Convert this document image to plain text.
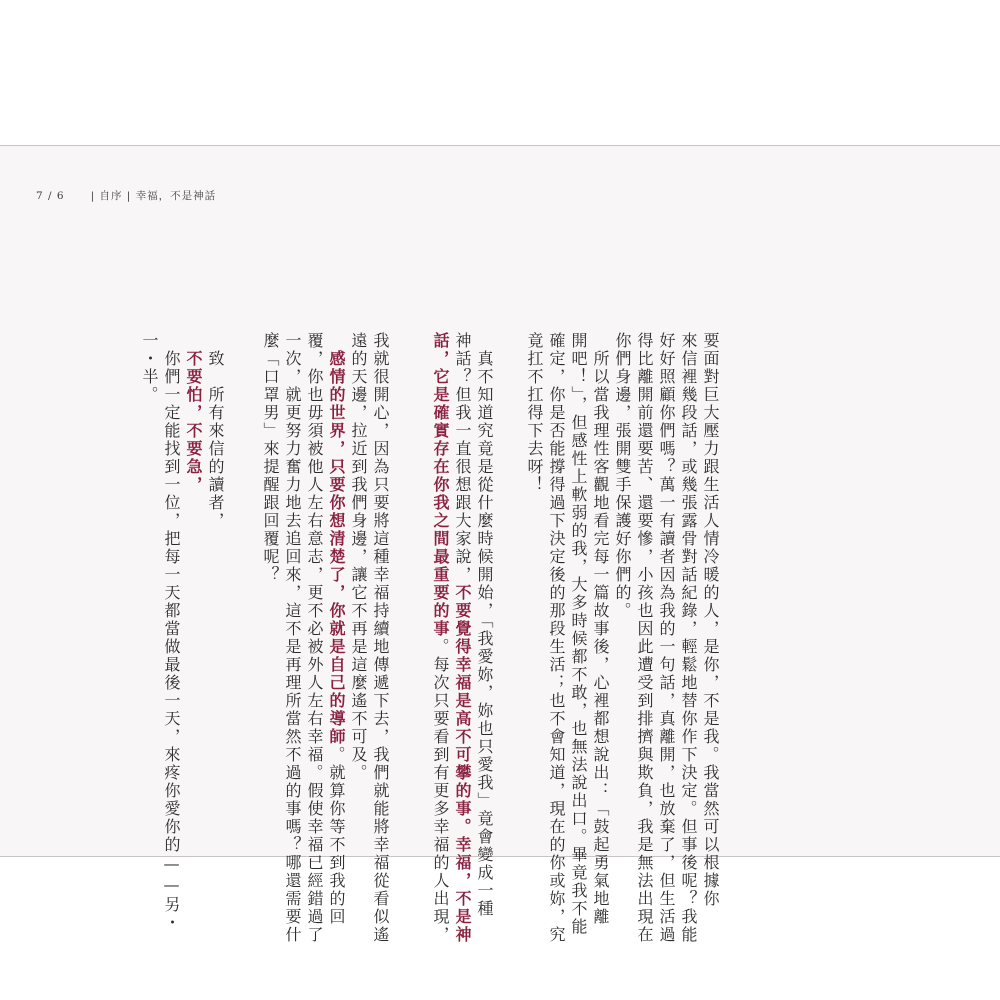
7 / 6 | 自序 | 幸福，不是神話

要面對巨大壓力跟生活人情冷暖的人，是你，不是我。我當然可以根據你

來信裡幾段話，或幾張露骨對話紀錄，輕鬆地替你作下決定。但事後呢？我能

好好照顧你們嗎？萬一有讀者因為我的一句話，真離開，也放棄了，但生活過

得比離開前還要苦、還要慘，小孩也因此遭受到排擠與欺負，我是無法出現在

你們身邊，張開雙手保護好你們的。

　所以當我理性客觀地看完每一篇故事後，心裡都想說出：「鼓起勇氣地離

開吧！」，但感性上軟弱的我，大多時候都不敢，也無法說出口。畢竟我不能

確定，你是否能撐得過下決定後的那段生活；也不會知道，現在的你或妳，究

竟扛不扛得下去呀！

　真不知道究竟是從什麼時候開始，「我愛妳，妳也只愛我」竟會變成一種

神話？但我一直很想跟大家說，不要覺得幸福是高不可攀的事。幸福，不是神

話，它是確實存在你我之間最重要的事。每次只要看到有更多幸福的人出現，

我就很開心，因為只要將這種幸福持續地傳遞下去，我們就能將幸福從看似遙

遠的天邊，拉近到我們身邊，讓它不再是這麼遙不可及。

　感情的世界，只要你想清楚了，你就是自己的導師。就算你等不到我的回

覆，你也毋須被他人左右意志，更不必被外人左右幸福。假使幸福已經錯過了

一次，就更努力奮力地去追回來，這不是再理所當然不過的事嗎？哪還需要什

麼「口罩男」來提醒跟回覆呢？

　致　所有來信的讀者，

　不要怕，不要急，

　你們一定能找到一位，把每一天都當做最後一天，來疼你愛你的——另・

一・半。
